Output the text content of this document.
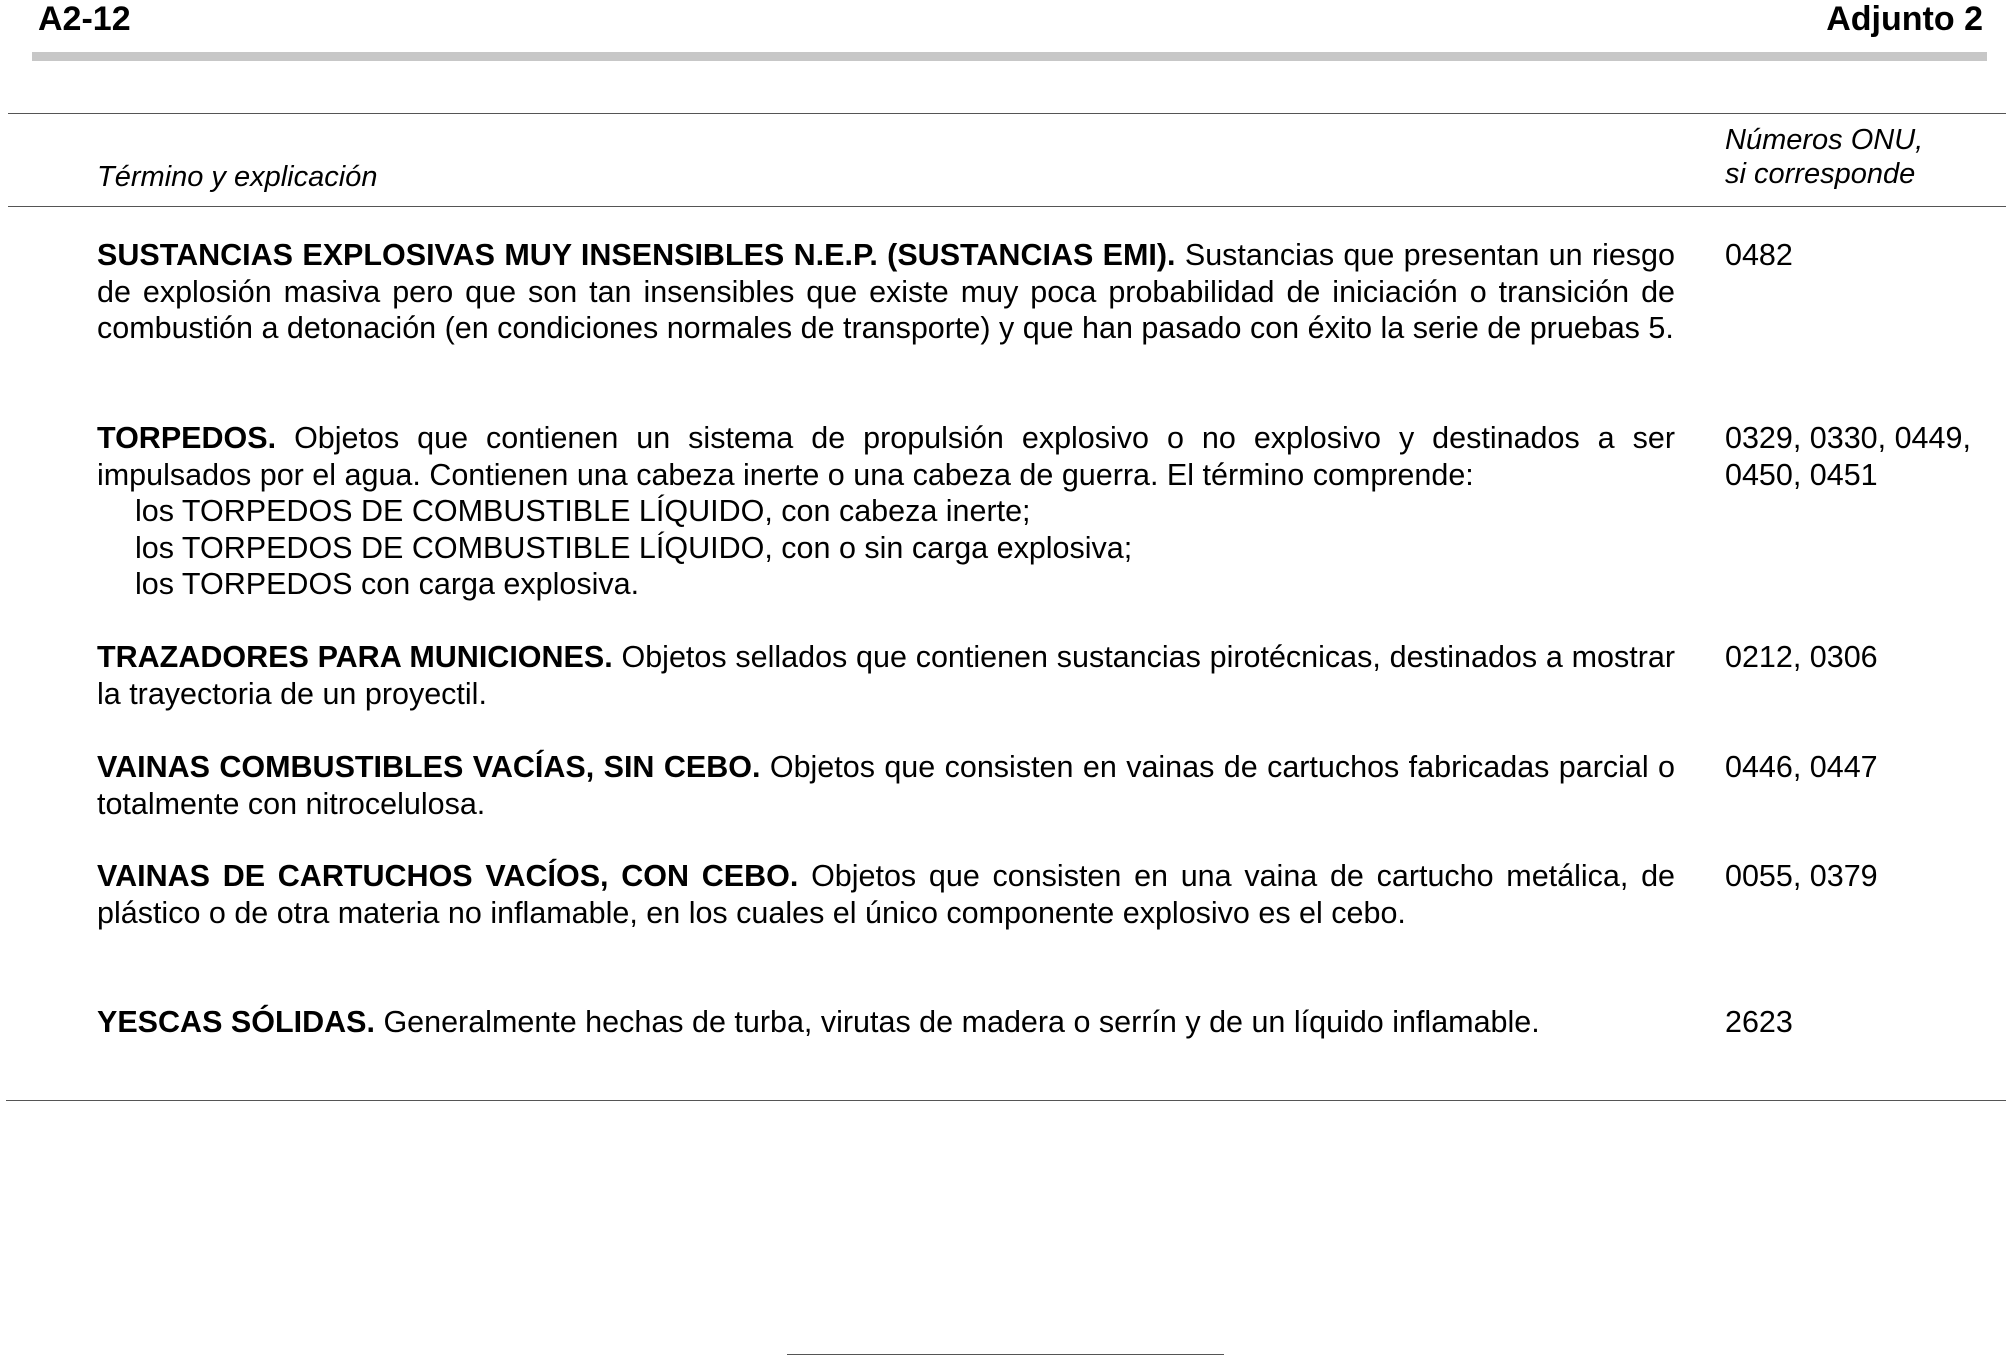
A2-12	Adjunto 2
Término y explicación
Números ONU,
si corresponde

SUSTANCIAS EXPLOSIVAS MUY INSENSIBLES N.E.P. (SUSTANCIAS EMI). Sustancias que presentan un riesgo de explosión masiva pero que son tan insensibles que existe muy poca probabilidad de iniciación o transición de combustión a detonación (en condiciones normales de transporte) y que han pasado con éxito la serie de pruebas 5.

0482

TORPEDOS. Objetos que contienen un sistema de propulsión explosivo o no explosivo y destinados a ser impulsados por el agua. Contienen una cabeza inerte o una cabeza de guerra. El término comprende:

los TORPEDOS DE COMBUSTIBLE LÍQUIDO, con cabeza inerte;
los TORPEDOS DE COMBUSTIBLE LÍQUIDO, con o sin carga explosiva;
los TORPEDOS con carga explosiva.
0329, 0330, 0449,
0450, 0451

TRAZADORES PARA MUNICIONES. Objetos sellados que contienen sustancias pirotécnicas, destinados a mostrar la trayectoria de un proyectil.

0212, 0306

VAINAS COMBUSTIBLES VACÍAS, SIN CEBO. Objetos que consisten en vainas de cartuchos fabricadas parcial o totalmente con nitrocelulosa.

0446, 0447

VAINAS DE CARTUCHOS VACÍOS, CON CEBO. Objetos que consisten en una vaina de cartucho metálica, de plástico o de otra materia no inflamable, en los cuales el único componente explosivo es el cebo.

0055, 0379

YESCAS SÓLIDAS. Generalmente hechas de turba, virutas de madera o serrín y de un líquido inflamable.	2623
